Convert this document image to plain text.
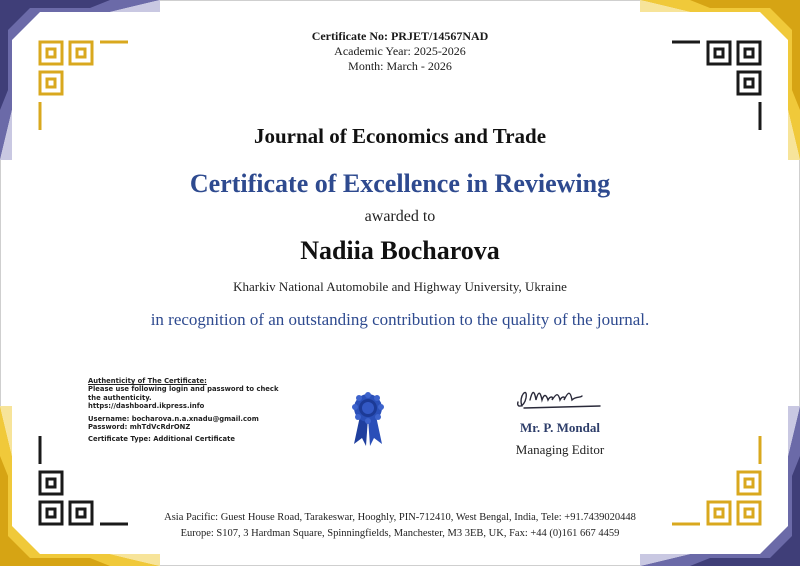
Certificate No: PRJET/14567NAD
Academic Year: 2025-2026
Month: March - 2026
Journal of Economics and Trade
Certificate of Excellence in Reviewing
awarded to
Nadiia Bocharova
Kharkiv National Automobile and Highway University, Ukraine
in recognition of an outstanding contribution to the quality of the journal.
Authenticity of The Certificate:
Please use following login and password to check
the authenticity.
https://dashboard.ikpress.info
Username: bocharova.n.a.xnadu@gmail.com
Password: mhTdVcRdrONZ
Certificate Type: Additional Certificate
Mr. P. Mondal
Managing Editor
Asia Pacific: Guest House Road, Tarakeswar, Hooghly, PIN-712410, West Bengal, India, Tele: +91.7439020448
Europe: S107, 3 Hardman Square, Spinningfields, Manchester, M3 3EB, UK, Fax: +44 (0)161 667 4459
